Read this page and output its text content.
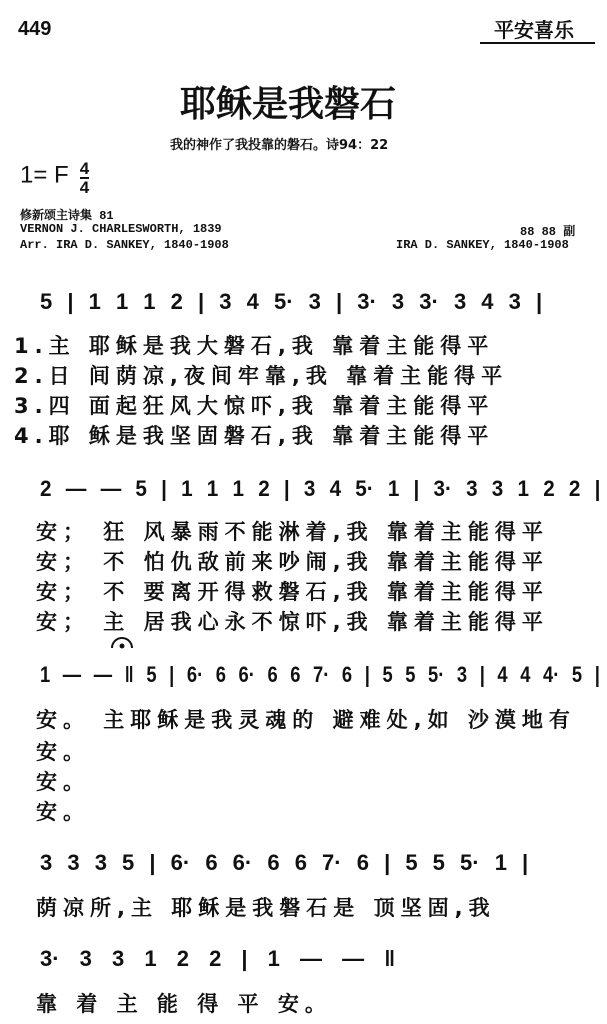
449	平安喜乐
耶稣是我磐石
我的神作了我投靠的磐石。诗94：22
1= F $\frac{4}{4}$
修新颂主诗集 81
VERNON J. CHARLESWORTH, 1839
Arr. IRA D. SANKEY, 1840-1908
88 88 副
IRA D. SANKEY, 1840-1908
5 | 1 1 1 2 | 3 4 5· 3 | 3· 3 3· 3 4 3 |
1.主 耶稣是我大磐石,我 靠着主能得平
2.日 间荫凉,夜间牢靠,我 靠着主能得平
3.四 面起狂风大惊吓,我 靠着主能得平
4.耶 稣是我坚固磐石,我 靠着主能得平
2 — — 5 | 1 1 1 2 | 3 4 5· 1 | 3· 3 3 1 2 2 |
安； 狂 风暴雨不能淋着,我 靠着主能得平
安； 不 怕仇敌前来吵闹,我 靠着主能得平
安； 不 要离开得救磐石,我 靠着主能得平
安； 主 居我心永不惊吓,我 靠着主能得平
1 — — ‖ 5 | 6· 6 6· 6 6 7· 6 | 5 5 5· 3 | 4 4 4· 5 |
安。 主耶稣是我灵魂的 避难处,如 沙漠地有
安。
安。
安。
3 3 3 5 | 6· 6 6· 6 6 7· 6 | 5 5 5· 1 |
荫凉所,主 耶稣是我磐石是 顶坚固,我
3· 3 3 1 2 2 | 1 — — ‖
靠 着 主 能 得 平 安。
